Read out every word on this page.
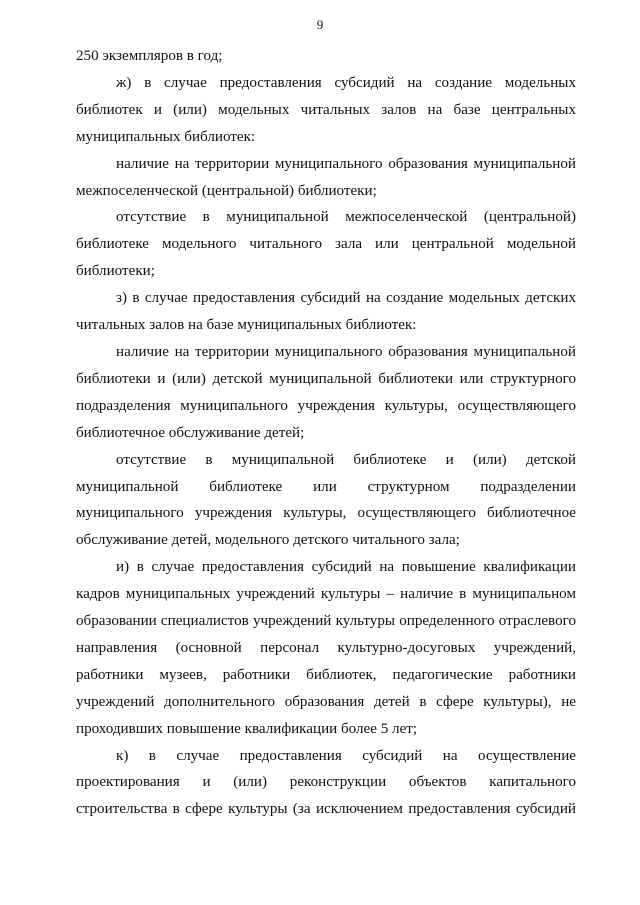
9

250 экземпляров в год;

ж) в случае предоставления субсидий на создание модельных библиотек и (или) модельных читальных залов на базе центральных муниципальных библиотек:

наличие на территории муниципального образования муниципальной межпоселенческой (центральной) библиотеки;

отсутствие в муниципальной межпоселенческой (центральной) библиотеке модельного читального зала или центральной модельной библиотеки;

з) в случае предоставления субсидий на создание модельных детских читальных залов на базе муниципальных библиотек:

наличие на территории муниципального образования муниципальной библиотеки и (или) детской муниципальной библиотеки или структурного подразделения муниципального учреждения культуры, осуществляющего библиотечное обслуживание детей;

отсутствие в муниципальной библиотеке и (или) детской муниципальной библиотеке или структурном подразделении муниципального учреждения культуры, осуществляющего библиотечное обслуживание детей, модельного детского читального зала;

и) в случае предоставления субсидий на повышение квалификации кадров муниципальных учреждений культуры – наличие в муниципальном образовании специалистов учреждений культуры определенного отраслевого направления (основной персонал культурно-досуговых учреждений, работники музеев, работники библиотек, педагогические работники учреждений дополнительного образования детей в сфере культуры), не проходивших повышение квалификации более 5 лет;

к) в случае предоставления субсидий на осуществление проектирования и (или) реконструкции объектов капитального строительства в сфере культуры (за исключением предоставления субсидий
